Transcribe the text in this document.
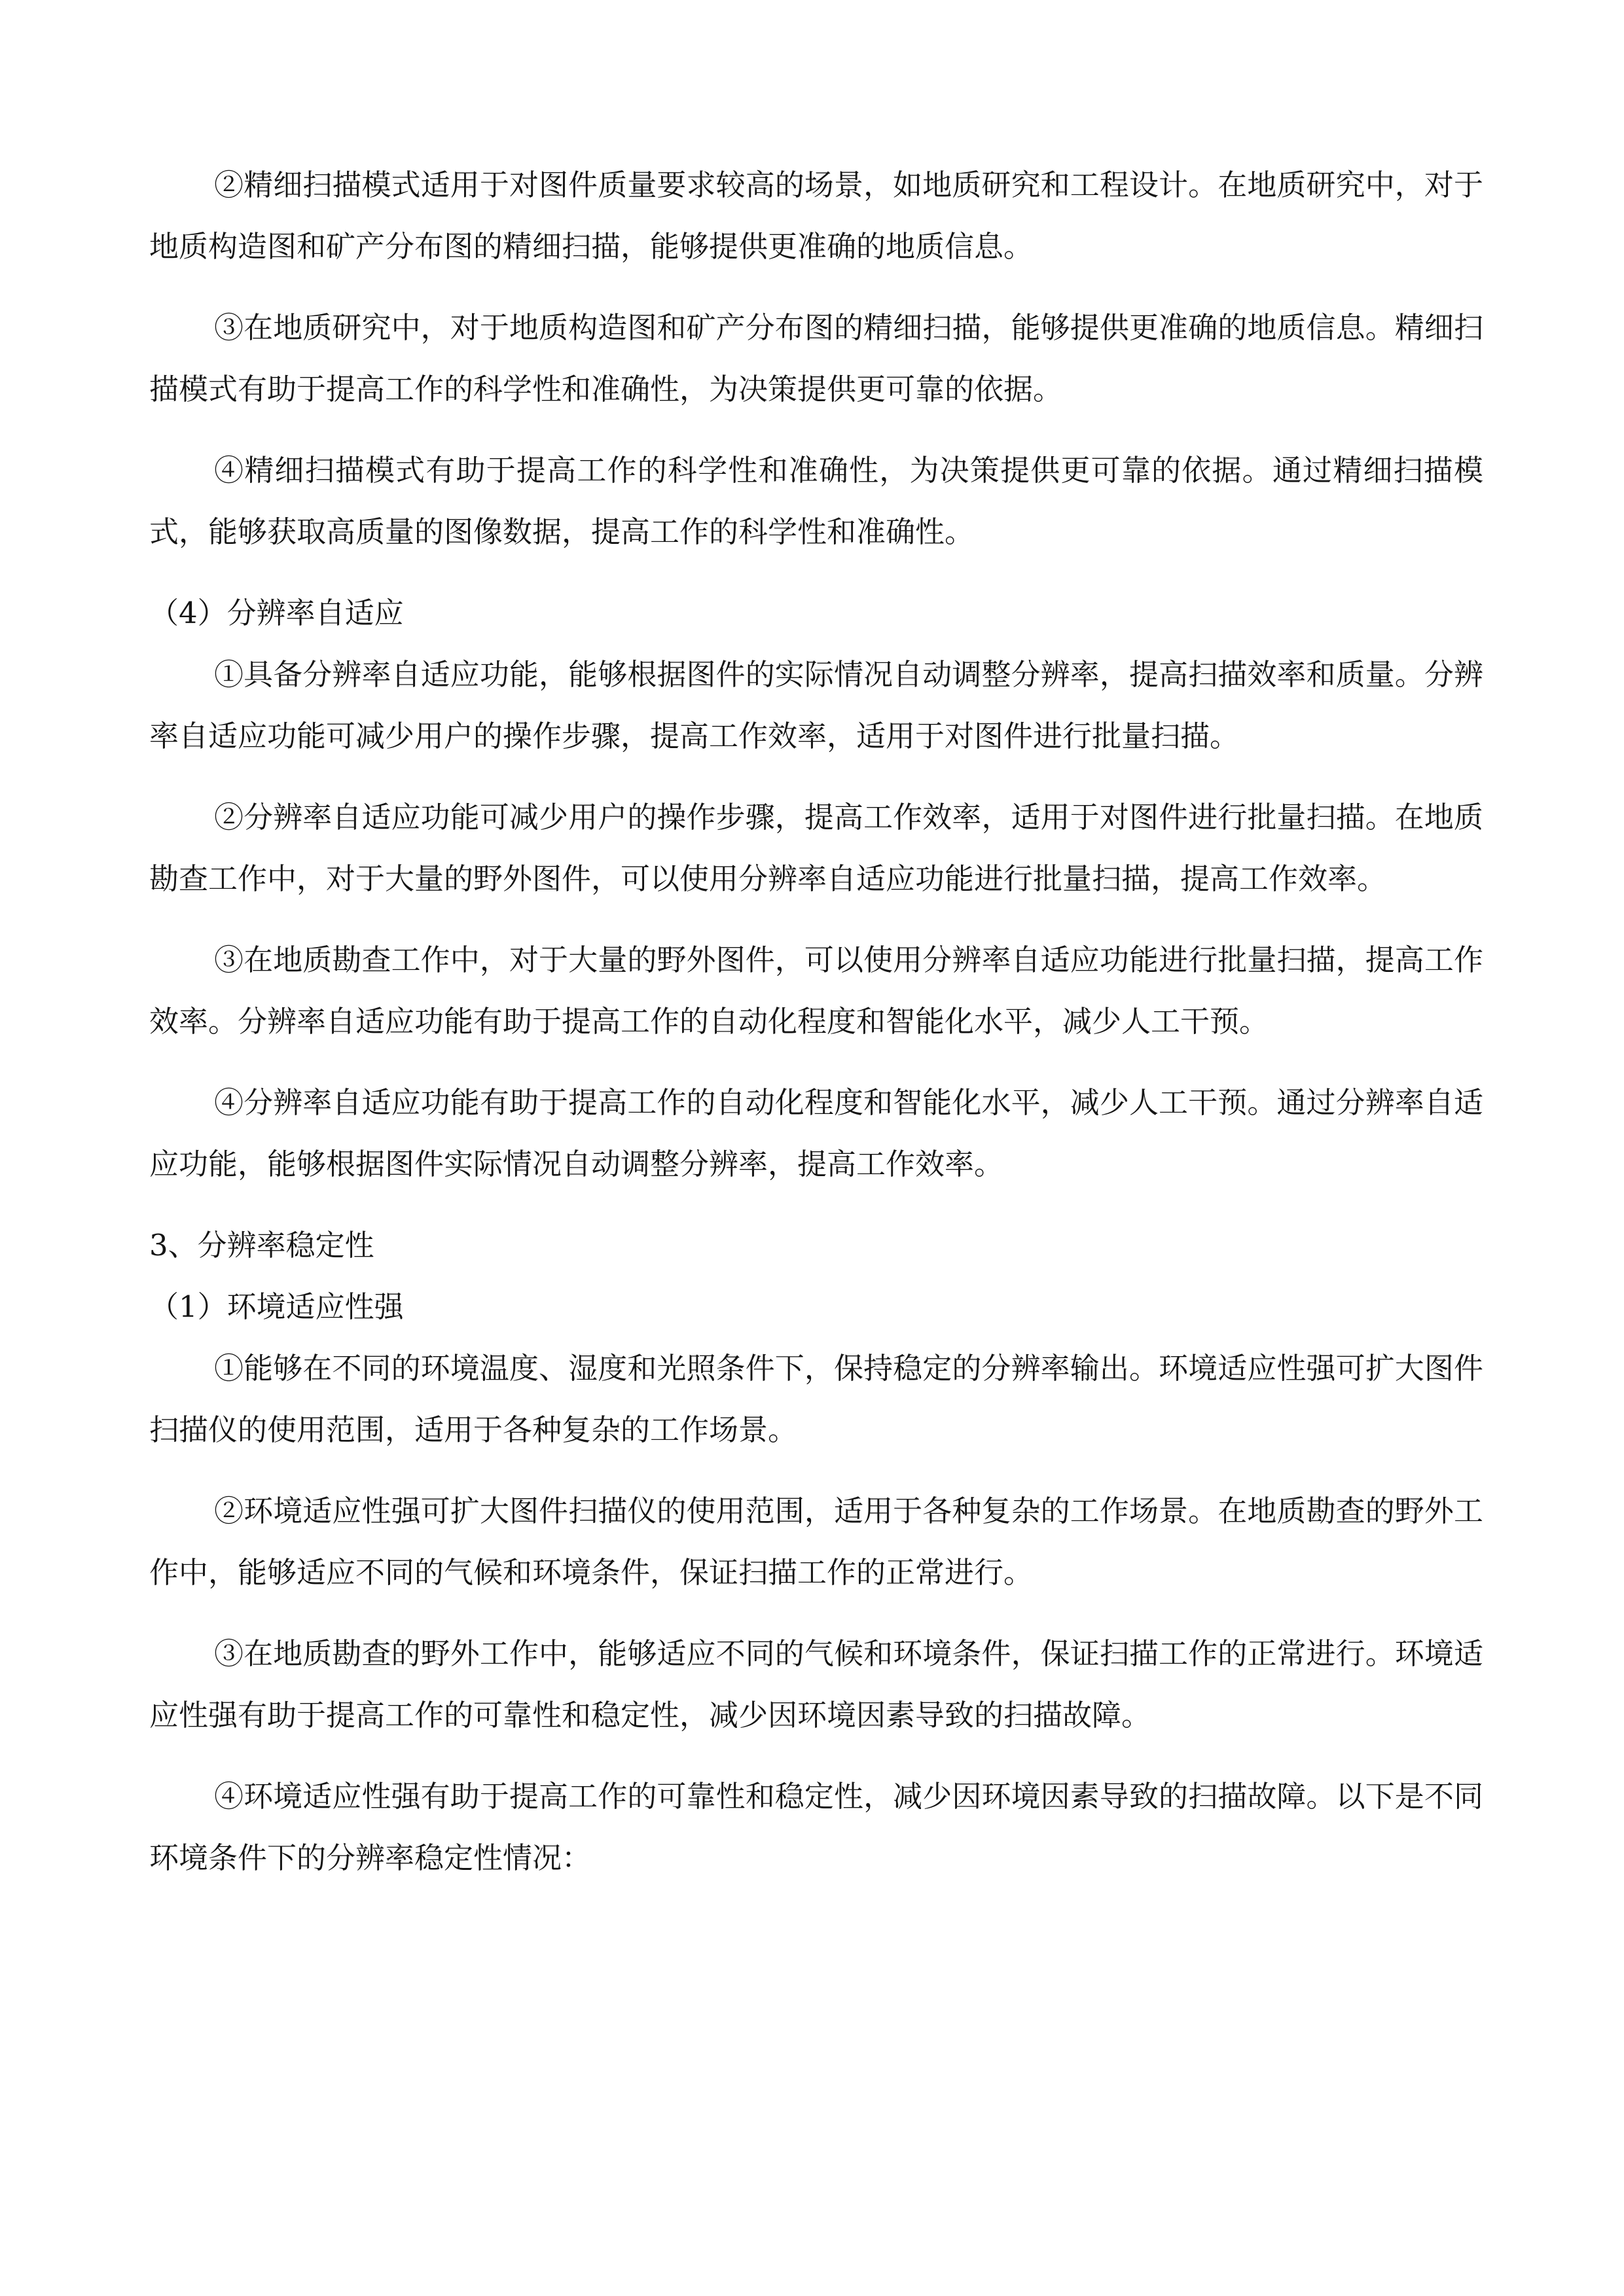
②精细扫描模式适用于对图件质量要求较高的场景，如地质研究和工程设计。在地质研究中，对于地质构造图和矿产分布图的精细扫描，能够提供更准确的地质信息。

③在地质研究中，对于地质构造图和矿产分布图的精细扫描，能够提供更准确的地质信息。精细扫描模式有助于提高工作的科学性和准确性，为决策提供更可靠的依据。

④精细扫描模式有助于提高工作的科学性和准确性，为决策提供更可靠的依据。通过精细扫描模式，能够获取高质量的图像数据，提高工作的科学性和准确性。

（4）分辨率自适应

①具备分辨率自适应功能，能够根据图件的实际情况自动调整分辨率，提高扫描效率和质量。分辨率自适应功能可减少用户的操作步骤，提高工作效率，适用于对图件进行批量扫描。

②分辨率自适应功能可减少用户的操作步骤，提高工作效率，适用于对图件进行批量扫描。在地质勘查工作中，对于大量的野外图件，可以使用分辨率自适应功能进行批量扫描，提高工作效率。

③在地质勘查工作中，对于大量的野外图件，可以使用分辨率自适应功能进行批量扫描，提高工作效率。分辨率自适应功能有助于提高工作的自动化程度和智能化水平，减少人工干预。

④分辨率自适应功能有助于提高工作的自动化程度和智能化水平，减少人工干预。通过分辨率自适应功能，能够根据图件实际情况自动调整分辨率，提高工作效率。

3、分辨率稳定性

（1）环境适应性强

①能够在不同的环境温度、湿度和光照条件下，保持稳定的分辨率输出。环境适应性强可扩大图件扫描仪的使用范围，适用于各种复杂的工作场景。

②环境适应性强可扩大图件扫描仪的使用范围，适用于各种复杂的工作场景。在地质勘查的野外工作中，能够适应不同的气候和环境条件，保证扫描工作的正常进行。

③在地质勘查的野外工作中，能够适应不同的气候和环境条件，保证扫描工作的正常进行。环境适应性强有助于提高工作的可靠性和稳定性，减少因环境因素导致的扫描故障。

④环境适应性强有助于提高工作的可靠性和稳定性，减少因环境因素导致的扫描故障。以下是不同环境条件下的分辨率稳定性情况：
